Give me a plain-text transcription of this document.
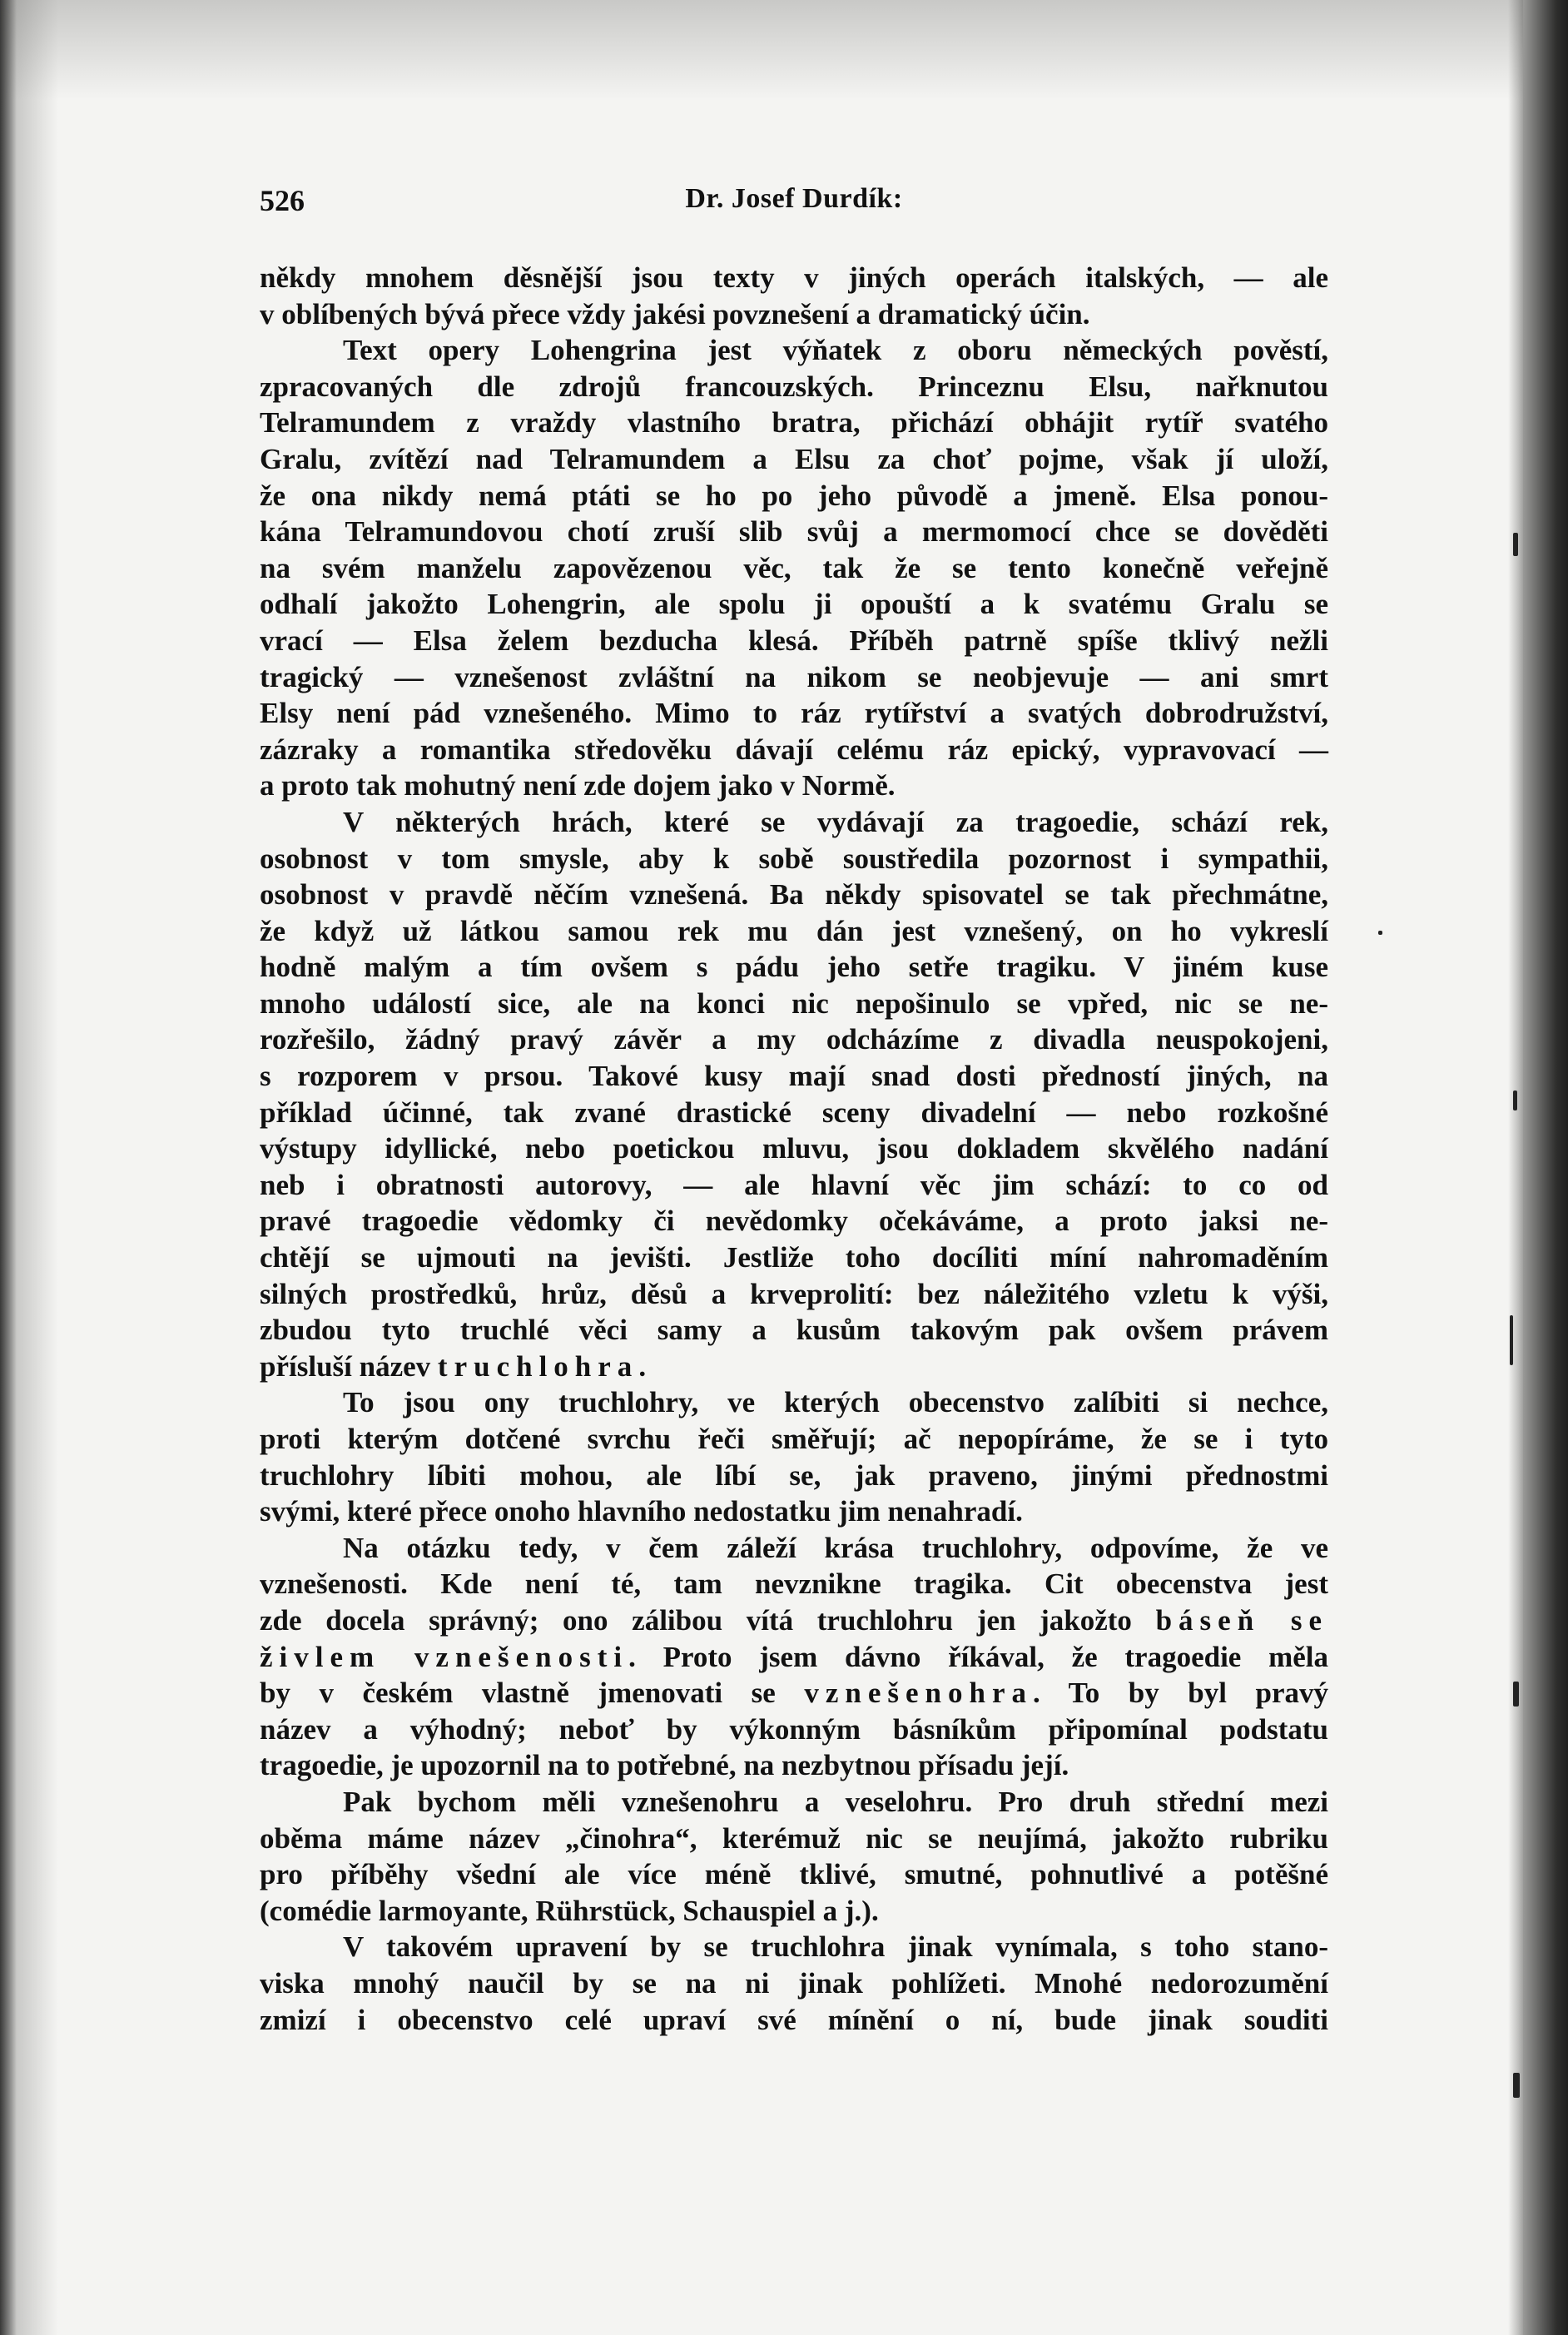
526	Dr. Josef Durdík:
někdy mnohem děsnější jsou texty v jiných operách italských, — ale
v oblíbených bývá přece vždy jakési povznešení a dramatický účin.
Text opery Lohengrina jest výňatek z oboru německých pověstí,
zpracovaných dle zdrojů francouzských. Princeznu Elsu, nařknutou
Telramundem z vraždy vlastního bratra, přichází obhájit rytíř svatého
Gralu, zvítězí nad Telramundem a Elsu za choť pojme, však jí uloží,
že ona nikdy nemá ptáti se ho po jeho původě a jmeně. Elsa ponou-
kána Telramundovou chotí zruší slib svůj a mermomocí chce se dověděti
na svém manželu zapovězenou věc, tak že se tento konečně veřejně
odhalí jakožto Lohengrin, ale spolu ji opouští a k svatému Gralu se
vrací — Elsa želem bezducha klesá. Příběh patrně spíše tklivý nežli
tragický — vznešenost zvláštní na nikom se neobjevuje — ani smrt
Elsy není pád vznešeného. Mimo to ráz rytířství a svatých dobrodružství,
zázraky a romantika středověku dávají celému ráz epický, vypravovací —
a proto tak mohutný není zde dojem jako v Normě.
V některých hrách, které se vydávají za tragoedie, schází rek,
osobnost v tom smysle, aby k sobě soustředila pozornost i sympathii,
osobnost v pravdě něčím vznešená. Ba někdy spisovatel se tak přechmátne,
že když už látkou samou rek mu dán jest vznešený, on ho vykreslí
hodně malým a tím ovšem s pádu jeho setře tragiku. V jiném kuse
mnoho událostí sice, ale na konci nic nepošinulo se vpřed, nic se ne-
rozřešilo, žádný pravý závěr a my odcházíme z divadla neuspokojeni,
s rozporem v prsou. Takové kusy mají snad dosti předností jiných, na
příklad účinné, tak zvané drastické sceny divadelní — nebo rozkošné
výstupy idyllické, nebo poetickou mluvu, jsou dokladem skvělého nadání
neb i obratnosti autorovy, — ale hlavní věc jim schází: to co od
pravé tragoedie vědomky či nevědomky očekáváme, a proto jaksi ne-
chtějí se ujmouti na jevišti. Jestliže toho docíliti míní nahromaděním
silných prostředků, hrůz, děsů a krveprolití: bez náležitého vzletu k výši,
zbudou tyto truchlé věci samy a kusům takovým pak ovšem právem
přísluší název truchlohra.
To jsou ony truchlohry, ve kterých obecenstvo zalíbiti si nechce,
proti kterým dotčené svrchu řeči směřují; ač nepopíráme, že se i tyto
truchlohry líbiti mohou, ale líbí se, jak praveno, jinými přednostmi
svými, které přece onoho hlavního nedostatku jim nenahradí.
Na otázku tedy, v čem záleží krása truchlohry, odpovíme, že ve
vznešenosti. Kde není té, tam nevznikne tragika. Cit obecenstva jest
zde docela správný; ono zálibou vítá truchlohru jen jakožto báseň se
živlem vznešenosti. Proto jsem dávno říkával, že tragoedie měla
by v českém vlastně jmenovati se vznešenohra. To by byl pravý
název a výhodný; neboť by výkonným básníkům připomínal podstatu
tragoedie, je upozornil na to potřebné, na nezbytnou přísadu její.
Pak bychom měli vznešenohru a veselohru. Pro druh střední mezi
oběma máme název „činohra“, kterémuž nic se neujímá, jakožto rubriku
pro příběhy všední ale více méně tklivé, smutné, pohnutlivé a potěšné
(comédie larmoyante, Rührstück, Schauspiel a j.).
V takovém upravení by se truchlohra jinak vynímala, s toho stano-
viska mnohý naučil by se na ni jinak pohlížeti. Mnohé nedorozumění
zmizí i obecenstvo celé upraví své mínění o ní, bude jinak souditi
